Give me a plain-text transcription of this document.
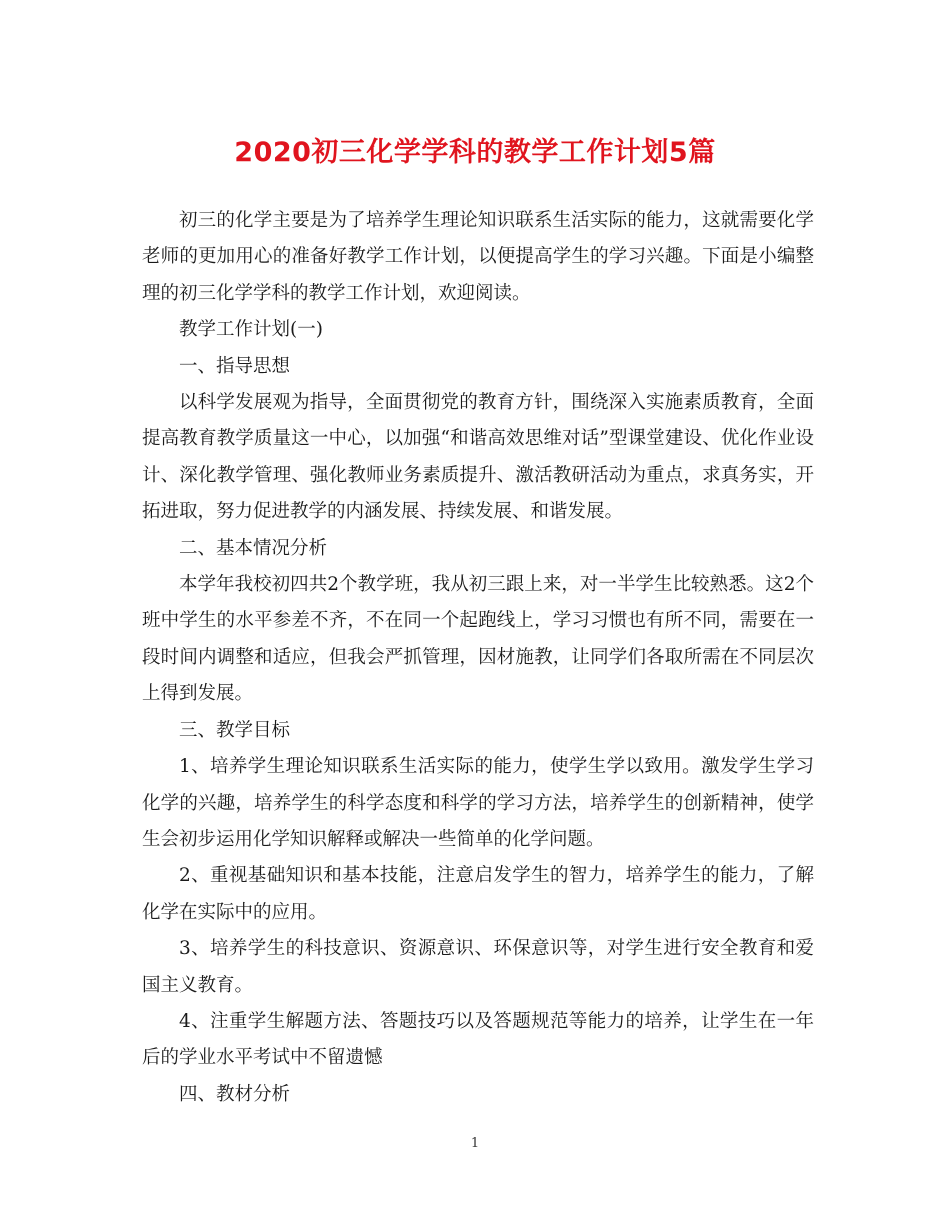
2020初三化学学科的教学工作计划5篇

初三的化学主要是为了培养学生理论知识联系生活实际的能力，这就需要化学老师的更加用心的准备好教学工作计划，以便提高学生的学习兴趣。下面是小编整理的初三化学学科的教学工作计划，欢迎阅读。

教学工作计划(一)

一、指导思想

以科学发展观为指导，全面贯彻党的教育方针，围绕深入实施素质教育，全面提高教育教学质量这一中心，以加强“和谐高效思维对话”型课堂建设、优化作业设计、深化教学管理、强化教师业务素质提升、激活教研活动为重点，求真务实，开拓进取，努力促进教学的内涵发展、持续发展、和谐发展。

二、基本情况分析

本学年我校初四共2个教学班，我从初三跟上来，对一半学生比较熟悉。这2个班中学生的水平参差不齐，不在同一个起跑线上，学习习惯也有所不同，需要在一段时间内调整和适应，但我会严抓管理，因材施教，让同学们各取所需在不同层次上得到发展。

三、教学目标

1、培养学生理论知识联系生活实际的能力，使学生学以致用。激发学生学习化学的兴趣，培养学生的科学态度和科学的学习方法，培养学生的创新精神，使学生会初步运用化学知识解释或解决一些简单的化学问题。

2、重视基础知识和基本技能，注意启发学生的智力，培养学生的能力，了解化学在实际中的应用。

3、培养学生的科技意识、资源意识、环保意识等，对学生进行安全教育和爱国主义教育。

4、注重学生解题方法、答题技巧以及答题规范等能力的培养，让学生在一年后的学业水平考试中不留遗憾

四、教材分析

1
